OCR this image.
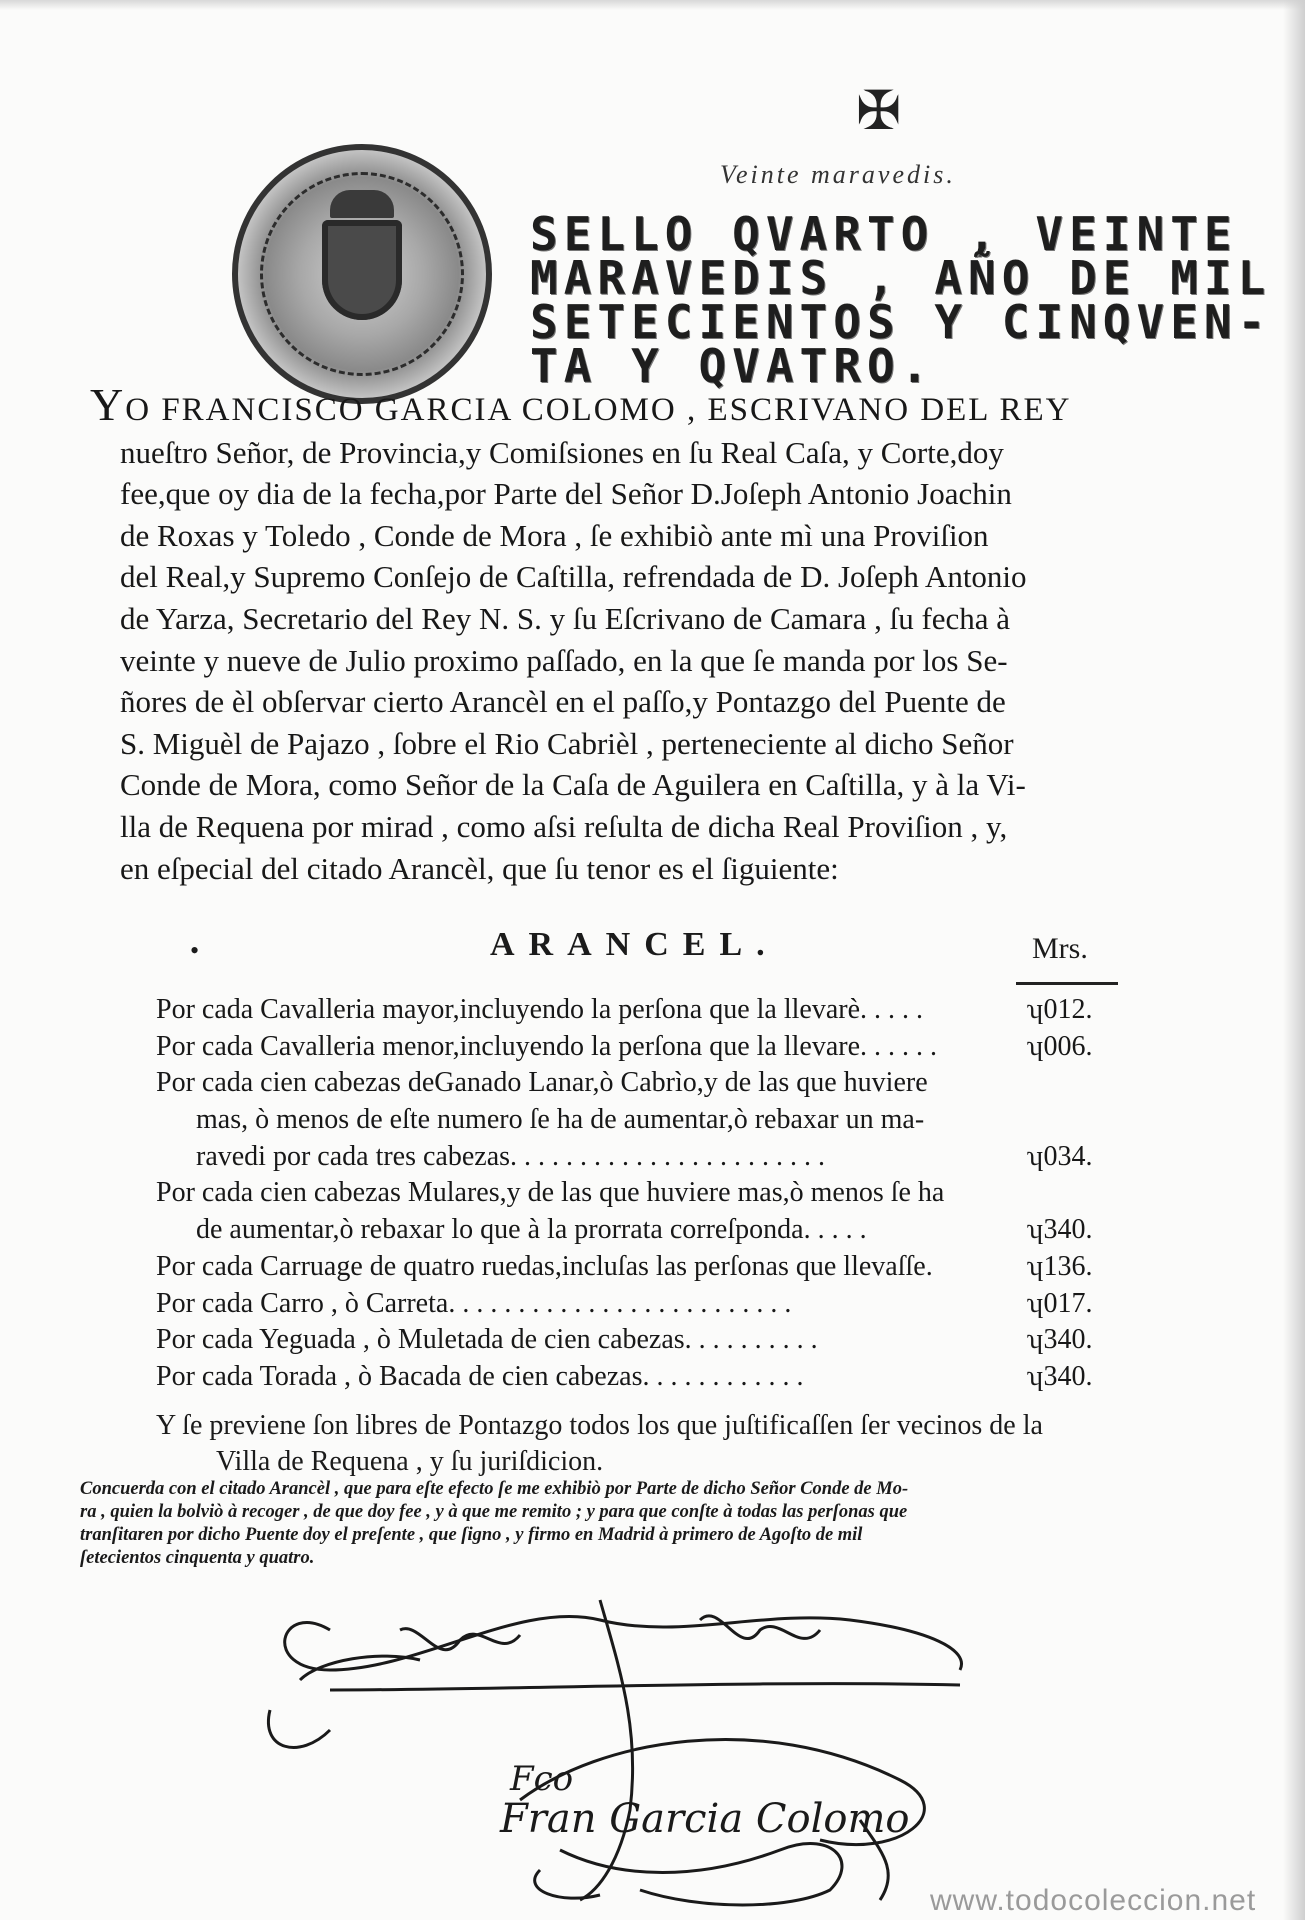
✠
Veinte maravedis.
SELLO QVARTO , VEINTE
MARAVEDIS , AÑO DE MIL
SETECIENTOS Y CINQVEN-
TA Y QVATRO.
YO FRANCISCO GARCIA COLOMO , ESCRIVANO DEL REY
nueſtro Señor, de Provincia,y Comiſsiones en ſu Real Caſa, y Corte,doy
fee,que oy dia de la fecha,por Parte del Señor D.Joſeph Antonio Joachin
de Roxas y Toledo , Conde de Mora , ſe exhibiò ante mì una Proviſion
del Real,y Supremo Conſejo de Caſtilla, refrendada de D. Joſeph Antonio
de Yarza, Secretario del Rey N. S. y ſu Eſcrivano de Camara , ſu fecha à
veinte y nueve de Julio proximo paſſado, en la que ſe manda por los Se-
ñores de èl obſervar cierto Arancèl en el paſſo,y Pontazgo del Puente de
S. Miguèl de Pajazo , ſobre el Rio Cabrièl , perteneciente al dicho Señor
Conde de Mora, como Señor de la Caſa de Aguilera en Caſtilla, y à la Vi-
lla de Requena por mirad , como aſsi reſulta de dicha Real Proviſion , y,
en eſpecial del citado Arancèl, que ſu tenor es el ſiguiente:
•	ARANCEL.	Mrs.
Por cada Cavalleria mayor,incluyendo la perſona que la llevarè. . . . .	ʮ012.
Por cada Cavalleria menor,incluyendo la perſona que la llevare. . . . . .	ʮ006.
Por cada cien cabezas deGanado Lanar,ò Cabrìo,y de las que huviere
mas, ò menos de eſte numero ſe ha de aumentar,ò rebaxar un ma-
ravedi por cada tres cabezas. . . . . . . . . . . . . . . . . . . . . . .	ʮ034.
Por cada cien cabezas Mulares,y de las que huviere mas,ò menos ſe ha
de aumentar,ò rebaxar lo que à la prorrata correſponda. . . . .	ʮ340.
Por cada Carruage de quatro ruedas,incluſas las perſonas que llevaſſe.	ʮ136.
Por cada Carro , ò Carreta. . . . . . . . . . . . . . . . . . . . . . . . .	ʮ017.
Por cada Yeguada , ò Muletada de cien cabezas. . . . . . . . . .	ʮ340.
Por cada Torada , ò Bacada de cien cabezas. . . . . . . . . . . .	ʮ340.
Y ſe previene ſon libres de Pontazgo todos los que juſtificaſſen ſer vecinos de la
Villa de Requena , y ſu juriſdicion.
Concuerda con el citado Arancèl , que para eſte efecto ſe me exhibiò por Parte de dicho Señor Conde de Mo-
ra , quien la bolviò à recoger , de que doy fee , y à que me remito ; y para que conſte à todas las perſonas que
tranſitaren por dicho Puente doy el preſente , que ſigno , y firmo en Madrid à primero de Agoſto de mil
ſetecientos cinquenta y quatro.
Fco
Fran Garcia Colomo
www.todocoleccion.net
